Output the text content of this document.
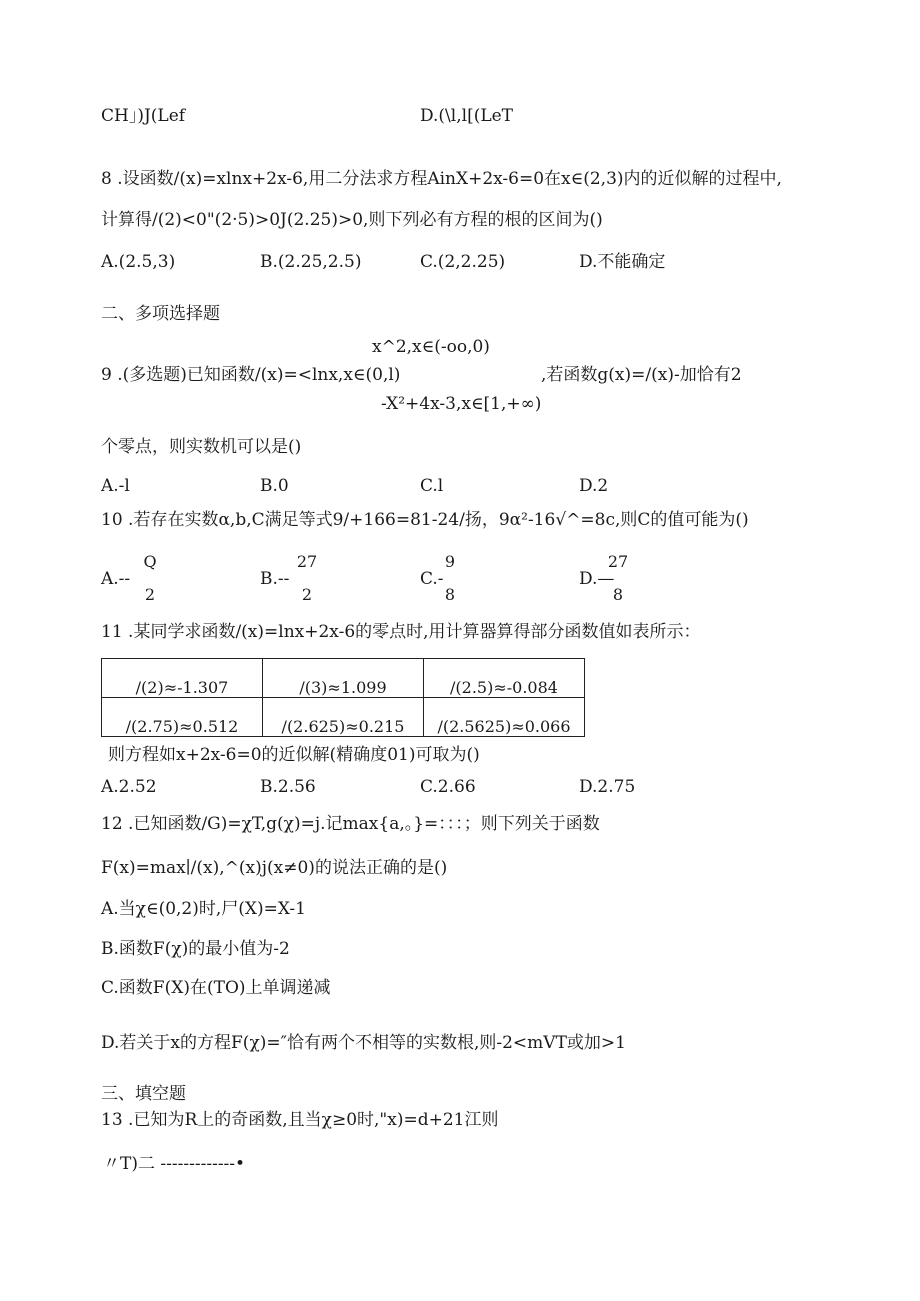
CH」)J(Lef	D.(\l,l[(LeT
8 .设函数/(x)=xlnx+2x-6,用二分法求方程AinX+2x-6=0在x∈(2,3)内的近似解的过程中,
计算得/(2)<0"(2·5)>0J(2.25)>0,则下列必有方程的根的区间为()
A.(2.5,3)	B.(2.25,2.5)	C.(2,2.25)	D.不能确定
二、多项选择题
x^2,x∈(-oo,0)
9 .(多选题)已知函数/(x)=<lnx,x∈(0,l)	,若函数g(x)=/(x)-加恰有2
-X²+4x-3,x∈[1,+∞)
个零点，则实数机可以是()
A.-l	B.0	C.l	D.2
10 .若存在实数α,b,C满足等式9/+166=81-24/扬，9α²-16√^=8c,则C的值可能为()
Q
A.--
2
27
B.--
2
9
C.-
8
27
D.—
8
11 .某同学求函数/(x)=lnx+2x-6的零点时,用计算器算得部分函数值如表所示：
/(2)≈-1.307	/(3)≈1.099	/(2.5)≈-0.084
/(2.75)≈0.512	/(2.625)≈0.215	/(2.5625)≈0.066
则方程如x+2x-6=0的近似解(精确度01)可取为()
A.2.52	B.2.56	C.2.66	D.2.75
12 .已知函数/G)=χT,g(χ)=j.记max{a,。}=：：：；则下列关于函数
F(x)=max∣/(x),^(x)j(x≠0)的说法正确的是()
A.当χ∈(0,2)时,尸(X)=X-1
B.函数F(χ)的最小值为-2
C.函数F(X)在(TO)上单调递减
D.若关于x的方程F(χ)=″恰有两个不相等的实数根,则-2<mVT或加>1
三、填空题
13 .已知为R上的奇函数,且当χ≥0时,"x)=d+21江则
〃T)二 -------------•
